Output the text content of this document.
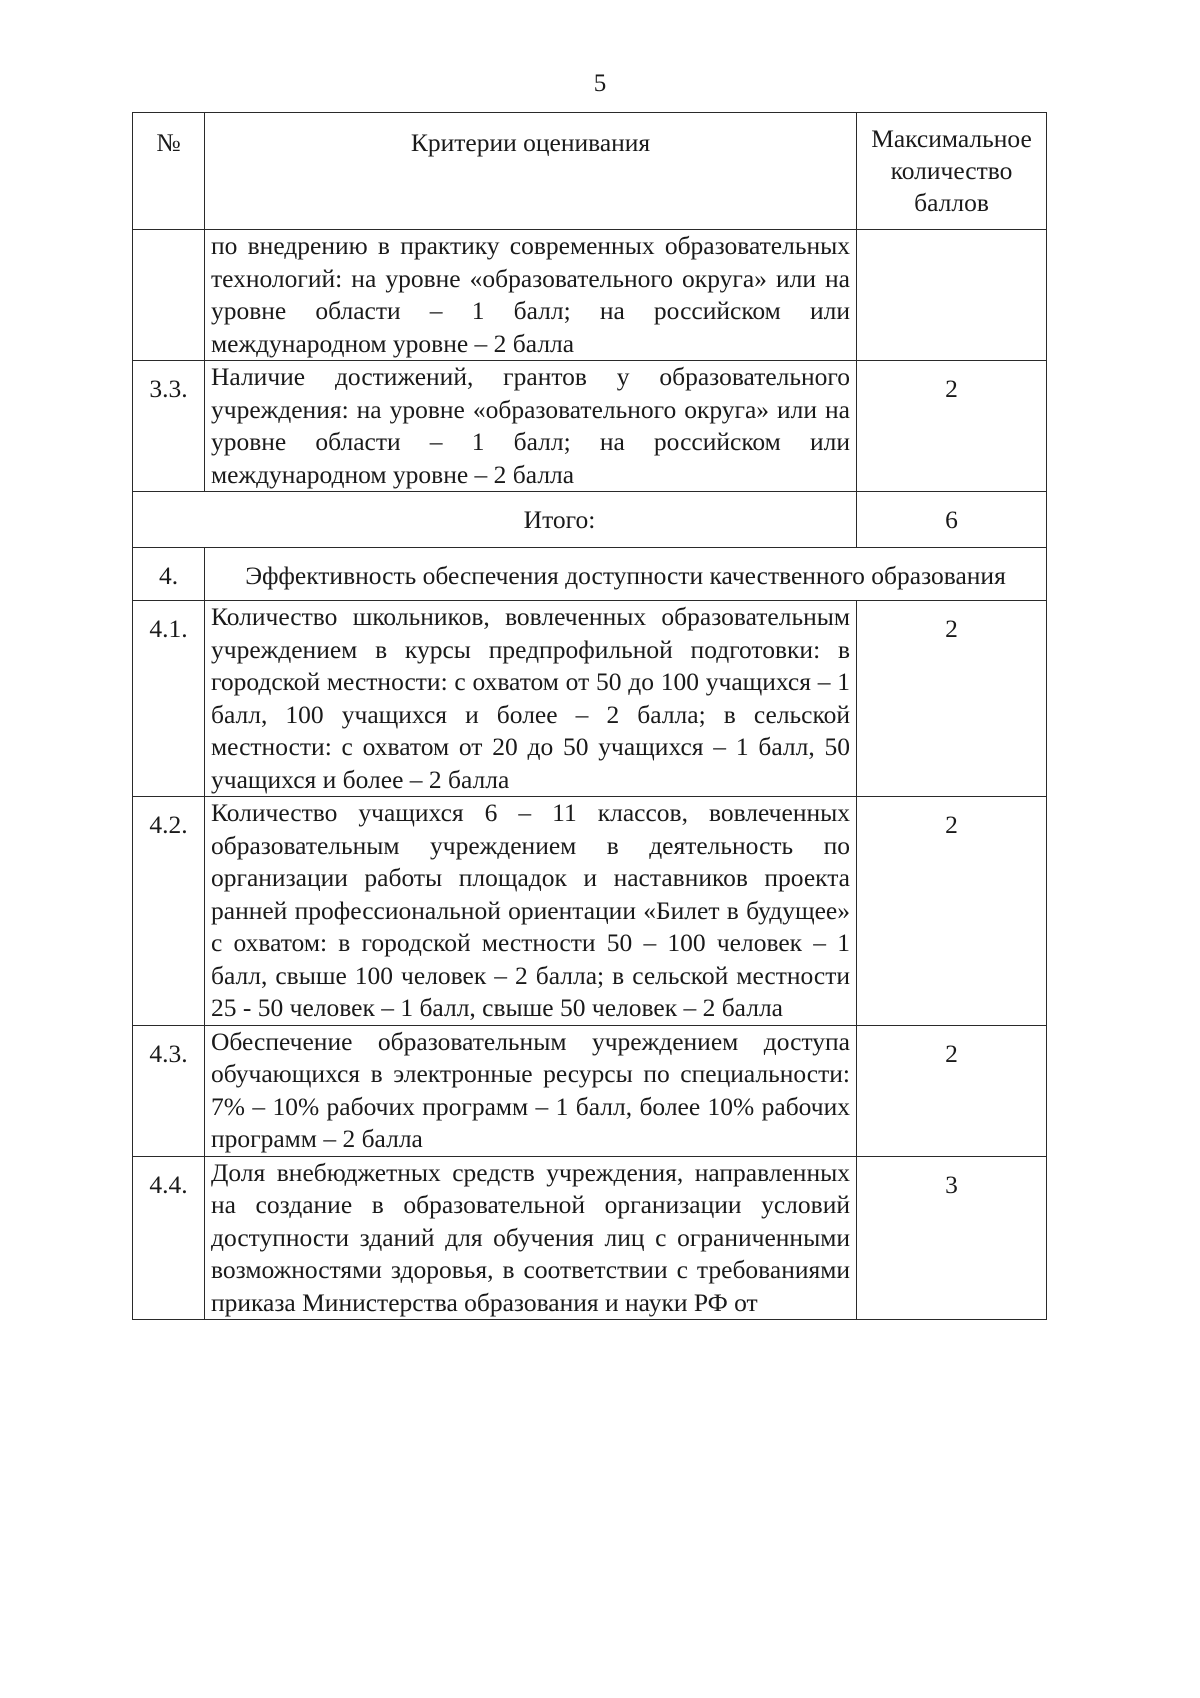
5
№	Критерии оценивания	Максимальное количество баллов
	по внедрению в практику современных образовательных технологий: на уровне «образовательного округа» или на уровне области – 1 балл; на российском или международном уровне – 2 балла	
3.3.	Наличие достижений, грантов у образовательного учреждения: на уровне «образовательного округа» или на уровне области – 1 балл; на российском или международном уровне – 2 балла	2
Итого:		6
4.	Эффективность обеспечения доступности качественного образования	
4.1.	Количество школьников, вовлеченных образовательным учреждением в курсы предпрофильной подготовки: в городской местности: с охватом от 50 до 100 учащихся – 1 балл, 100 учащихся и более – 2 балла; в сельской местности: с охватом от 20 до 50 учащихся – 1 балл, 50 учащихся и более – 2 балла	2
4.2.	Количество учащихся 6 – 11 классов, вовлеченных образовательным учреждением в деятельность по организации работы площадок и наставников проекта ранней профессиональной ориентации «Билет в будущее» с охватом: в городской местности 50 – 100 человек – 1 балл, свыше 100 человек – 2 балла; в сельской местности 25 - 50 человек – 1 балл, свыше 50 человек – 2 балла	2
4.3.	Обеспечение образовательным учреждением доступа обучающихся в электронные ресурсы по специальности: 7% – 10% рабочих программ – 1 балл, более 10% рабочих программ – 2 балла	2
4.4.	Доля внебюджетных средств учреждения, направленных на создание в образовательной организации условий доступности зданий для обучения лиц с ограниченными возможностями здоровья, в соответствии с требованиями приказа Министерства образования и науки РФ от	3
